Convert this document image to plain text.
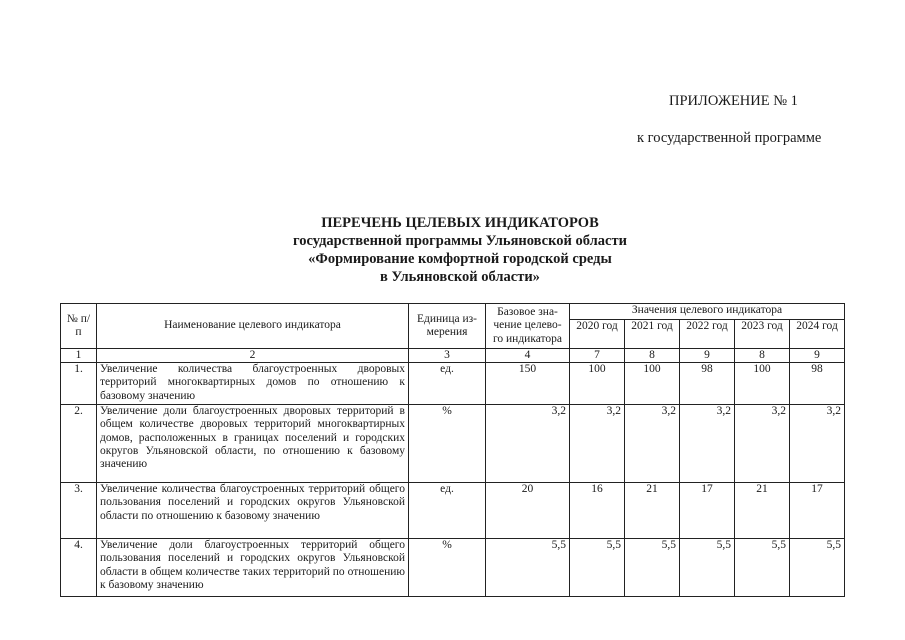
ПРИЛОЖЕНИЕ № 1
к государственной программе
ПЕРЕЧЕНЬ ЦЕЛЕВЫХ ИНДИКАТОРОВ
государственной программы Ульяновской области
«Формирование комфортной городской среды
в Ульяновской области»
№ п/п	Наименование целевого индикатора	Единица из-мерения	Базовое зна-чение целево-го индикатора	Значения целевого индикатора				
				2020 год	2021 год	2022 год	2023 год	2024 год
1	2	3	4	7	8	9	8	9
1.	Увеличение количества благоустроенных дворовых территорий многоквартирных домов по отношению к базовому значению	ед.	150	100	100	98	100	98
2.	Увеличение доли благоустроенных дворовых территорий в общем количестве дворовых территорий многоквартирных домов, расположенных в границах поселений и городских округов Ульяновской области, по отношению к базовому значению	%	3,2	3,2	3,2	3,2	3,2	3,2
3.	Увеличение количества благоустроенных территорий общего пользования поселений и городских округов Ульяновской области по отношению к базовому значению	ед.	20	16	21	17	21	17
4.	Увеличение доли благоустроенных территорий общего пользования поселений и городских округов Ульяновской области в общем количестве таких территорий по отношению к базовому значению	%	5,5	5,5	5,5	5,5	5,5	5,5
